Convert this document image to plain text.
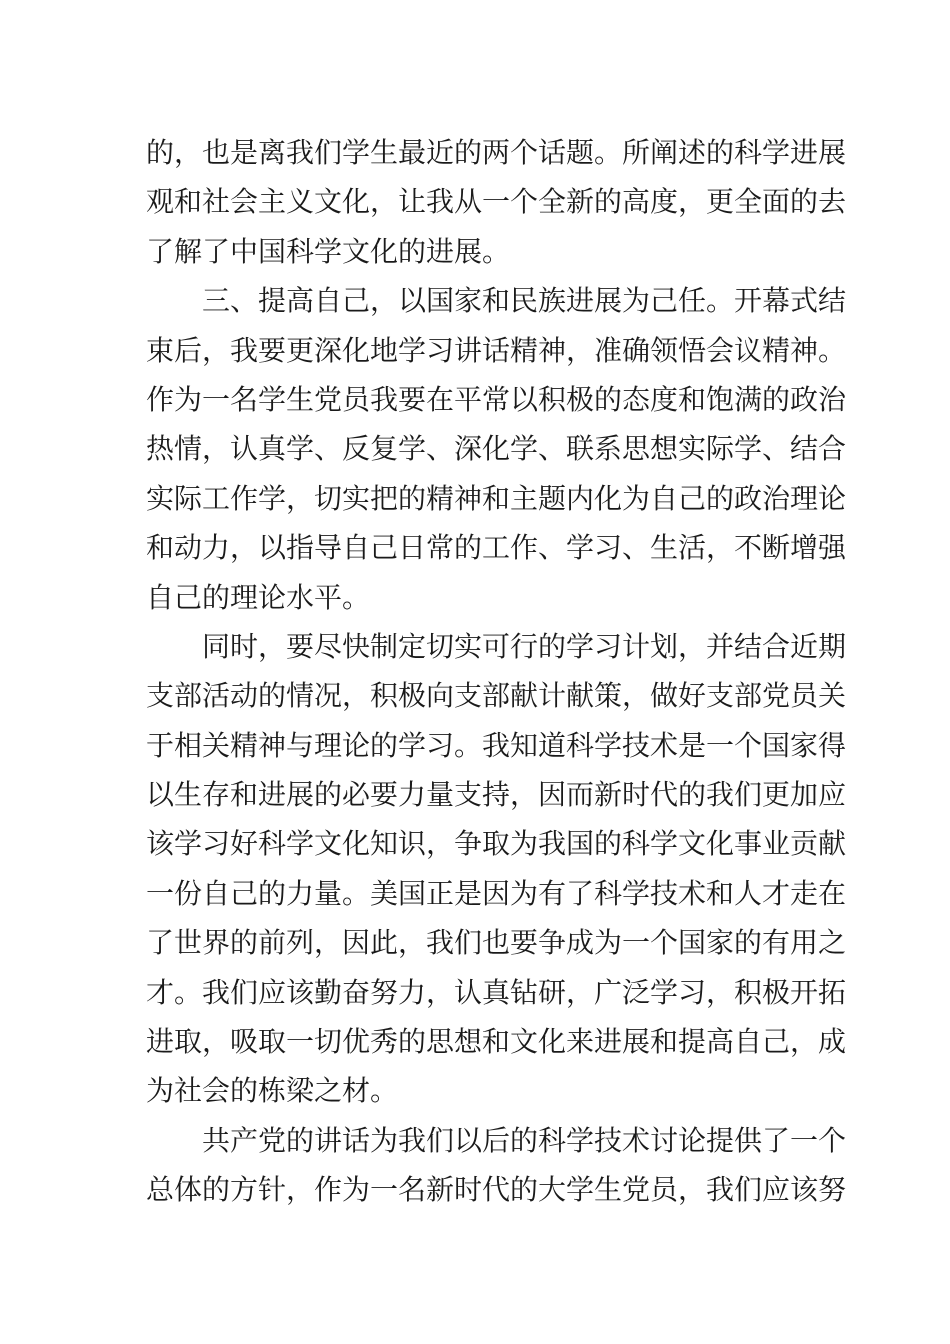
的，也是离我们学生最近的两个话题。所阐述的科学进展
观和社会主义文化，让我从一个全新的高度，更全面的去
了解了中国科学文化的进展。
三、提高自己，以国家和民族进展为己任。开幕式结
束后，我要更深化地学习讲话精神，准确领悟会议精神。
作为一名学生党员我要在平常以积极的态度和饱满的政治
热情，认真学、反复学、深化学、联系思想实际学、结合
实际工作学，切实把的精神和主题内化为自己的政治理论
和动力，以指导自己日常的工作、学习、生活，不断增强
自己的理论水平。
同时，要尽快制定切实可行的学习计划，并结合近期
支部活动的情况，积极向支部献计献策，做好支部党员关
于相关精神与理论的学习。我知道科学技术是一个国家得
以生存和进展的必要力量支持，因而新时代的我们更加应
该学习好科学文化知识，争取为我国的科学文化事业贡献
一份自己的力量。美国正是因为有了科学技术和人才走在
了世界的前列，因此，我们也要争成为一个国家的有用之
才。我们应该勤奋努力，认真钻研，广泛学习，积极开拓
进取，吸取一切优秀的思想和文化来进展和提高自己，成
为社会的栋梁之材。
共产党的讲话为我们以后的科学技术讨论提供了一个
总体的方针，作为一名新时代的大学生党员，我们应该努
